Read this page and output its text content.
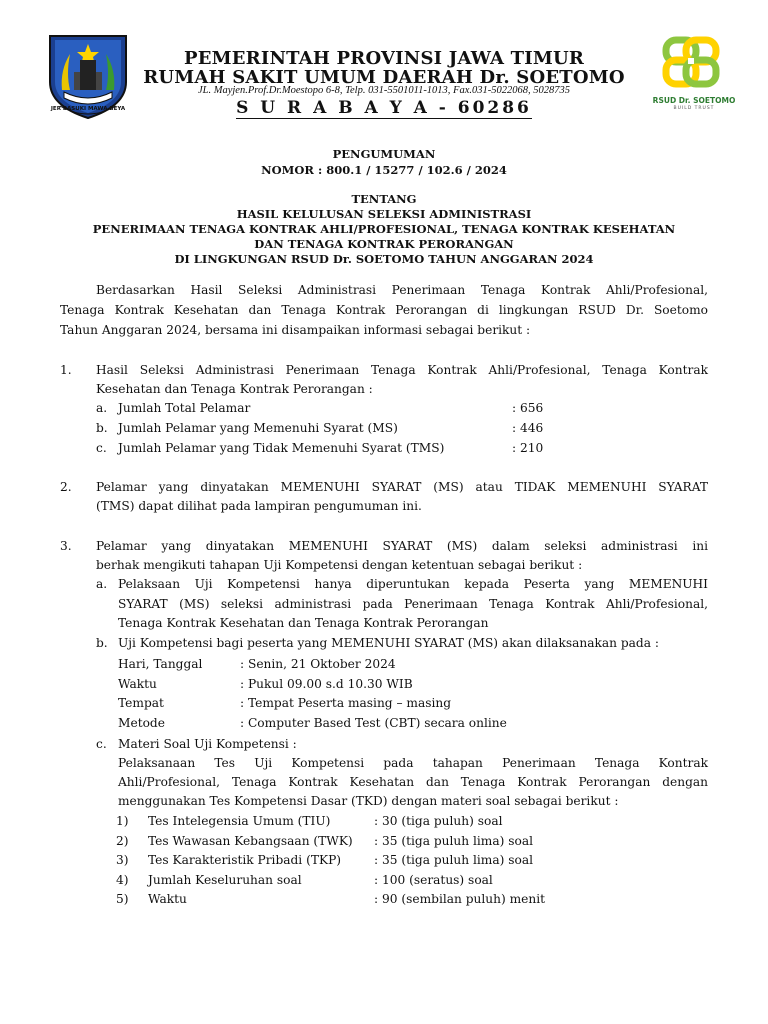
JER BASUKI MAWA BEYA
PEMERINTAH PROVINSI JAWA TIMUR
RUMAH SAKIT UMUM DAERAH Dr. SOETOMO
JL. Mayjen.Prof.Dr.Moestopo 6-8, Telp. 031-5501011-1013, Fax.031-5022068, 5028735
S U R A B A Y A - 60286	RSUD Dr. SOETOMO
BUILD TRUST
PENGUMUMAN
NOMOR : 800.1 / 15277 / 102.6 / 2024
TENTANG
HASIL KELULUSAN SELEKSI ADMINISTRASI
PENERIMAAN TENAGA KONTRAK AHLI/PROFESIONAL, TENAGA KONTRAK KESEHATAN
DAN TENAGA KONTRAK PERORANGAN
DI LINGKUNGAN RSUD Dr. SOETOMO TAHUN ANGGARAN 2024
Berdasarkan Hasil Seleksi Administrasi Penerimaan Tenaga Kontrak Ahli/Profesional,
Tenaga Kontrak Kesehatan dan Tenaga Kontrak Perorangan di lingkungan RSUD Dr. Soetomo
Tahun Anggaran 2024, bersama ini disampaikan informasi sebagai berikut :
1. Hasil Seleksi Administrasi Penerimaan Tenaga Kontrak Ahli/Profesional, Tenaga Kontrak
Kesehatan dan Tenaga Kontrak Perorangan :
a. Jumlah Total Pelamar	: 656
b. Jumlah Pelamar yang Memenuhi Syarat (MS)	: 446
c. Jumlah Pelamar yang Tidak Memenuhi Syarat (TMS)	: 210
2. Pelamar yang dinyatakan MEMENUHI SYARAT (MS) atau TIDAK MEMENUHI SYARAT
(TMS) dapat dilihat pada lampiran pengumuman ini.
3. Pelamar yang dinyatakan MEMENUHI SYARAT (MS) dalam seleksi administrasi ini
berhak mengikuti tahapan Uji Kompetensi dengan ketentuan sebagai berikut :
a. Pelaksaan Uji Kompetensi hanya diperuntukan kepada Peserta yang MEMENUHI
SYARAT (MS) seleksi administrasi pada Penerimaan Tenaga Kontrak Ahli/Profesional,
Tenaga Kontrak Kesehatan dan Tenaga Kontrak Perorangan
b. Uji Kompetensi bagi peserta yang MEMENUHI SYARAT (MS) akan dilaksanakan pada :
Hari, Tanggal	: Senin, 21 Oktober 2024
Waktu	: Pukul 09.00 s.d 10.30 WIB
Tempat	: Tempat Peserta masing – masing
Metode	: Computer Based Test (CBT) secara online
c. Materi Soal Uji Kompetensi :
Pelaksanaan Tes Uji Kompetensi pada tahapan Penerimaan Tenaga Kontrak
Ahli/Profesional, Tenaga Kontrak Kesehatan dan Tenaga Kontrak Perorangan dengan
menggunakan Tes Kompetensi Dasar (TKD) dengan materi soal sebagai berikut :
1)	Tes Intelegensia Umum (TIU)	: 30 (tiga puluh) soal
2)	Tes Wawasan Kebangsaan (TWK)	: 35 (tiga puluh lima) soal
3)	Tes Karakteristik Pribadi (TKP)	: 35 (tiga puluh lima) soal
4)	Jumlah Keseluruhan soal	: 100 (seratus) soal
5)	Waktu	: 90 (sembilan puluh) menit
